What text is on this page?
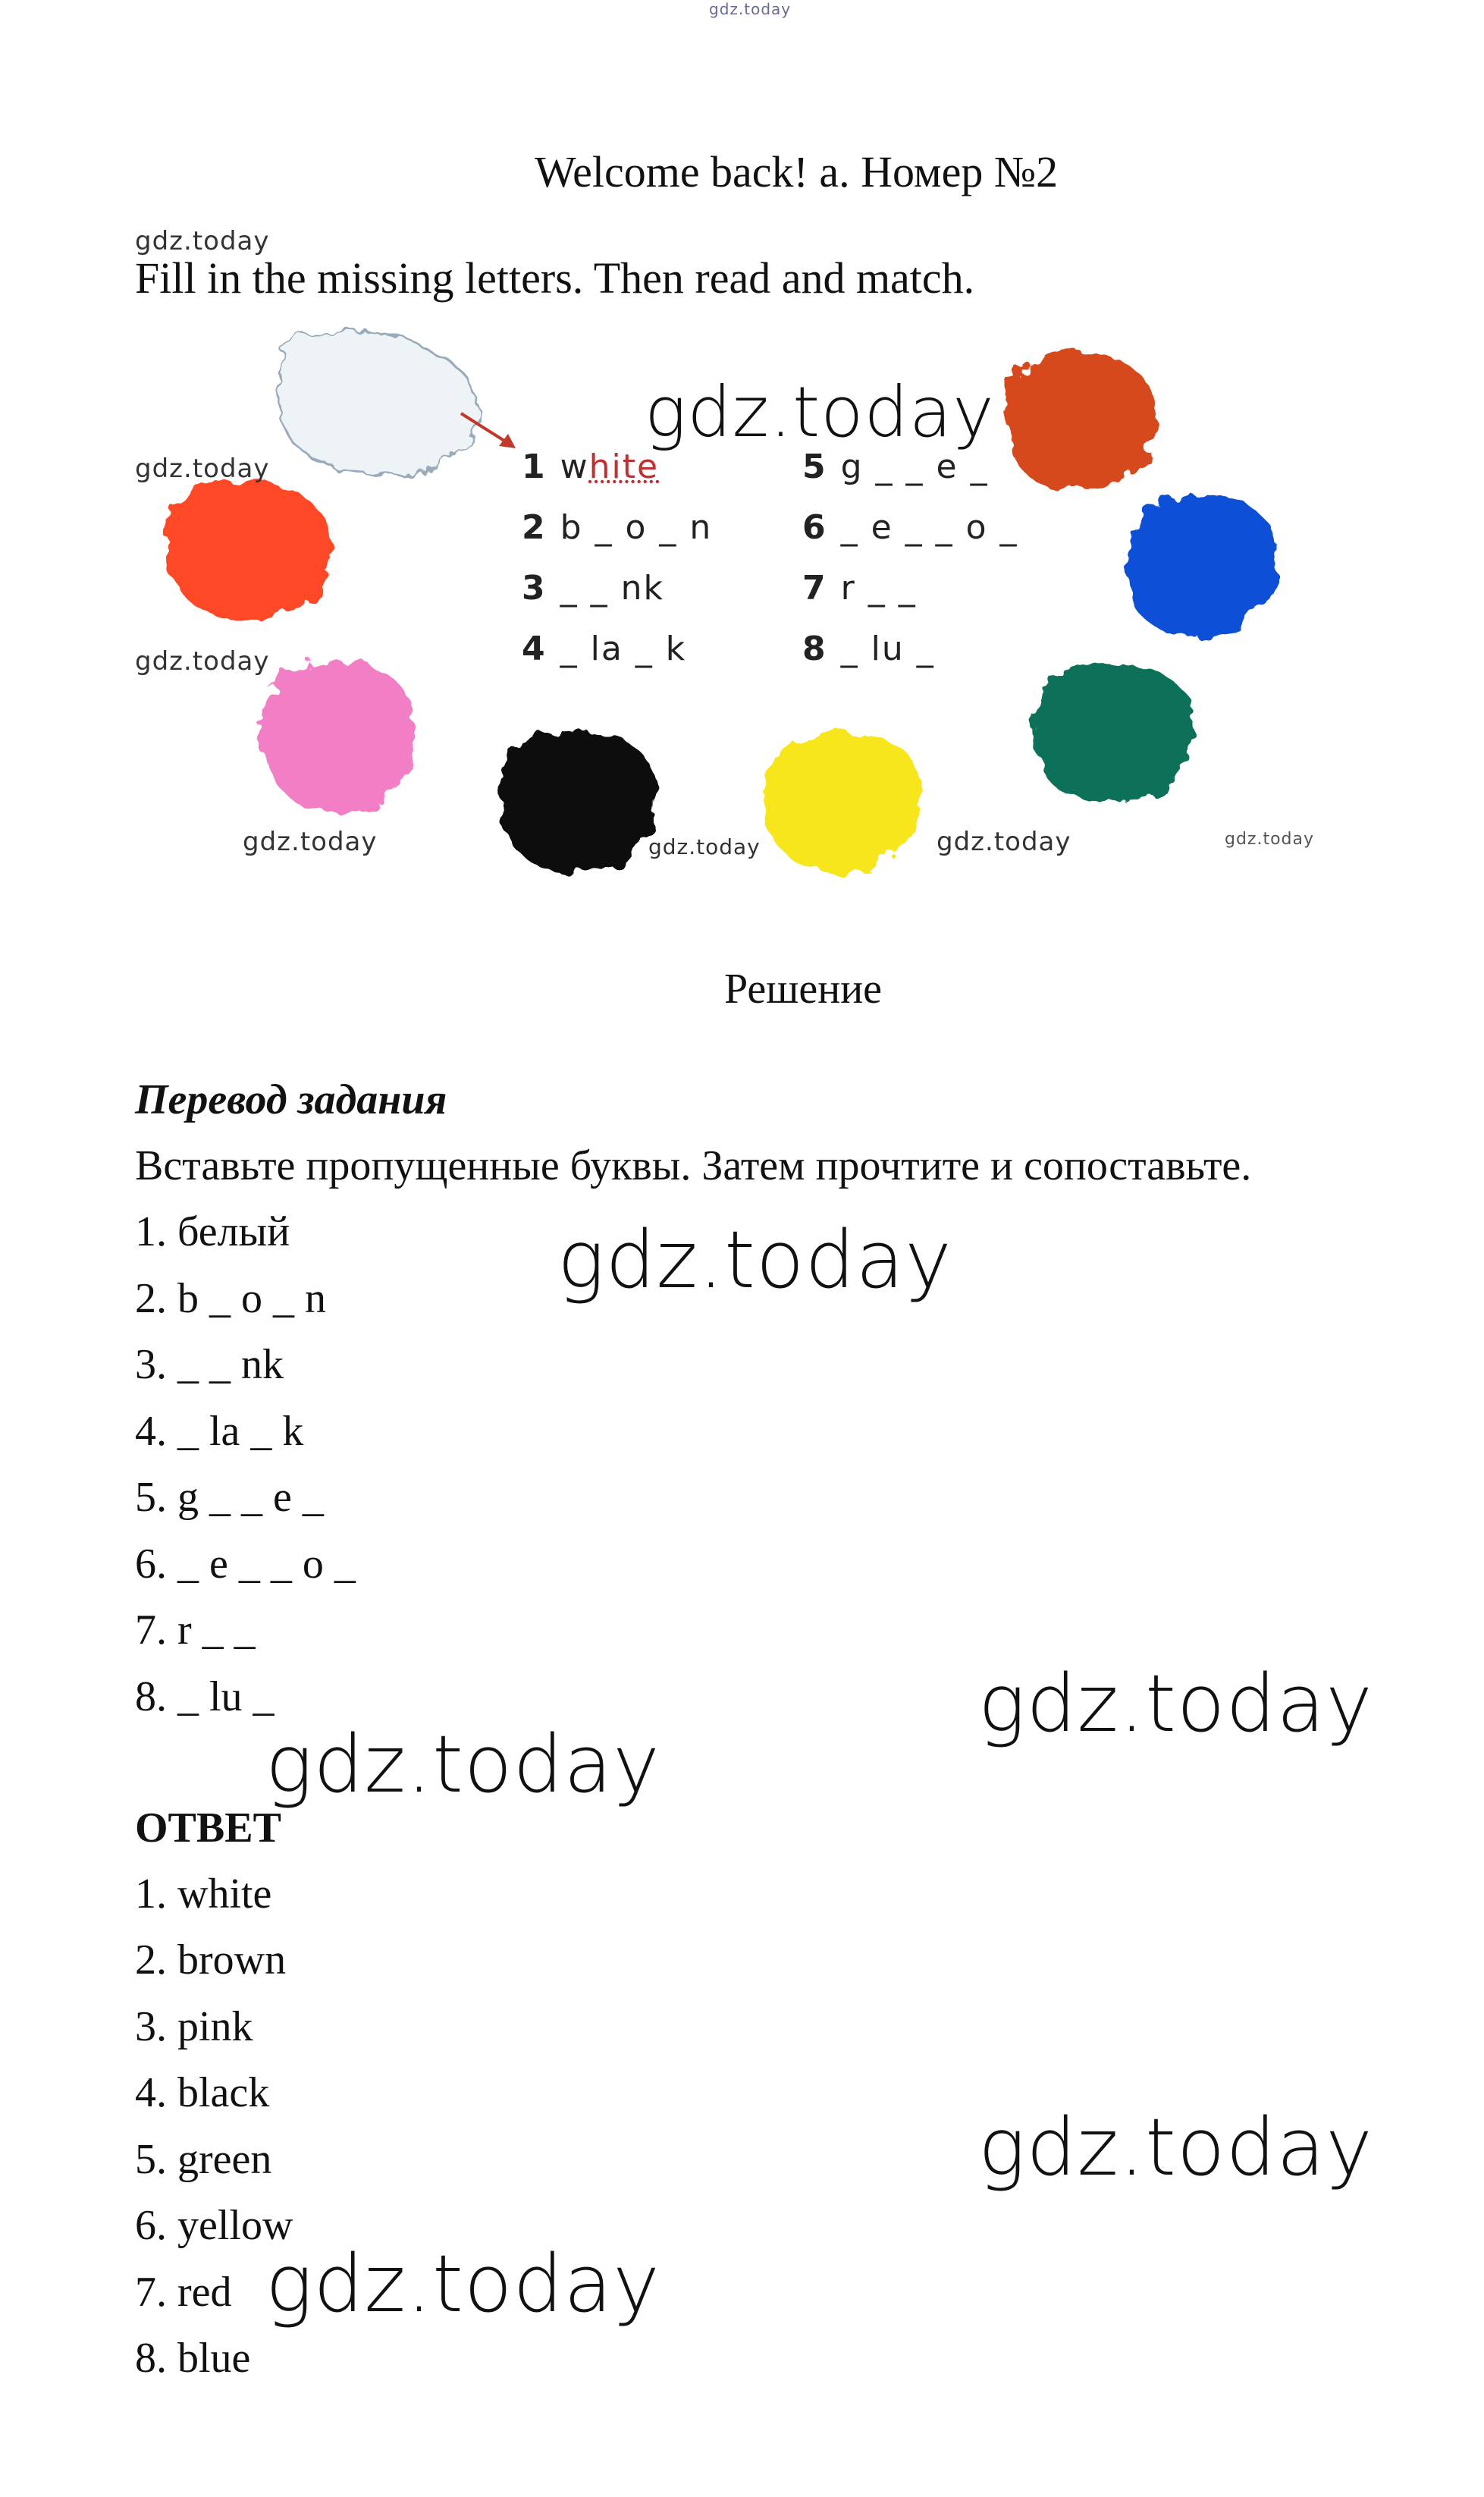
gdz.today
Welcome back! a. Номер №2
gdz.today
Fill in the missing letters. Then read and match.
1 white
2 b _ o _ n
3 _ _ nk
4 _ la _ k
5 g _ _ e _
6 _ e _ _ o _
7 r _ _
8 _ lu _
gdz.today
gdz.today
gdz.today
gdz.today	gdz.today	gdz.today	gdz.today
Решение
Перевод задания
Вставьте пропущенные буквы. Затем прочтите и сопоставьте.
1. белый
2. b _ o _ n
3. _ _ nk
4. _ la _ k
5. g _ _ e _
6. _ e _ _ o _
7. r _ _
8. _ lu _
gdz.today
gdz.today
gdz.today
ОТВЕТ
1. white
2. brown
3. pink
4. black
5. green
6. yellow
7. red
8. blue
gdz.today
gdz.today
